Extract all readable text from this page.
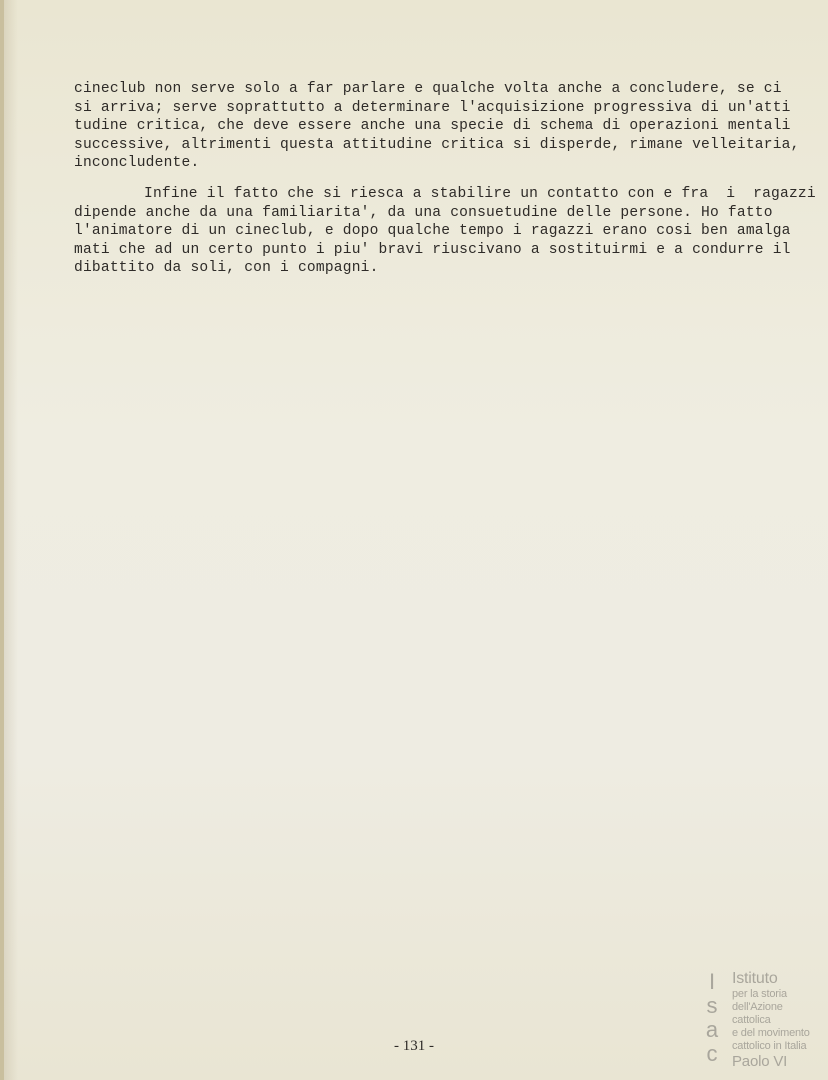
cineclub non serve solo a far parlare e qualche volta anche a concludere, se ci
si arriva; serve soprattutto a determinare l'acquisizione progressiva di un'atti
tudine critica, che deve essere anche una specie di schema di operazioni mentali
successive, altrimenti questa attitudine critica si disperde, rimane velleitaria,
inconcludente.
Infine il fatto che si riesca a stabilire un contatto con e fra  i  ragazzi
dipende anche da una familiarita', da una consuetudine delle persone. Ho fatto
l'animatore di un cineclub, e dopo qualche tempo i ragazzi erano cosi ben amalga
mati che ad un certo punto i piu' bravi riuscivano a sostituirmi e a condurre il
dibattito da soli, con i compagni.
- 131 -
I
s
a
c
Istituto
per la storia
dell'Azione cattolica
e del movimento
cattolico in Italia
Paolo VI
